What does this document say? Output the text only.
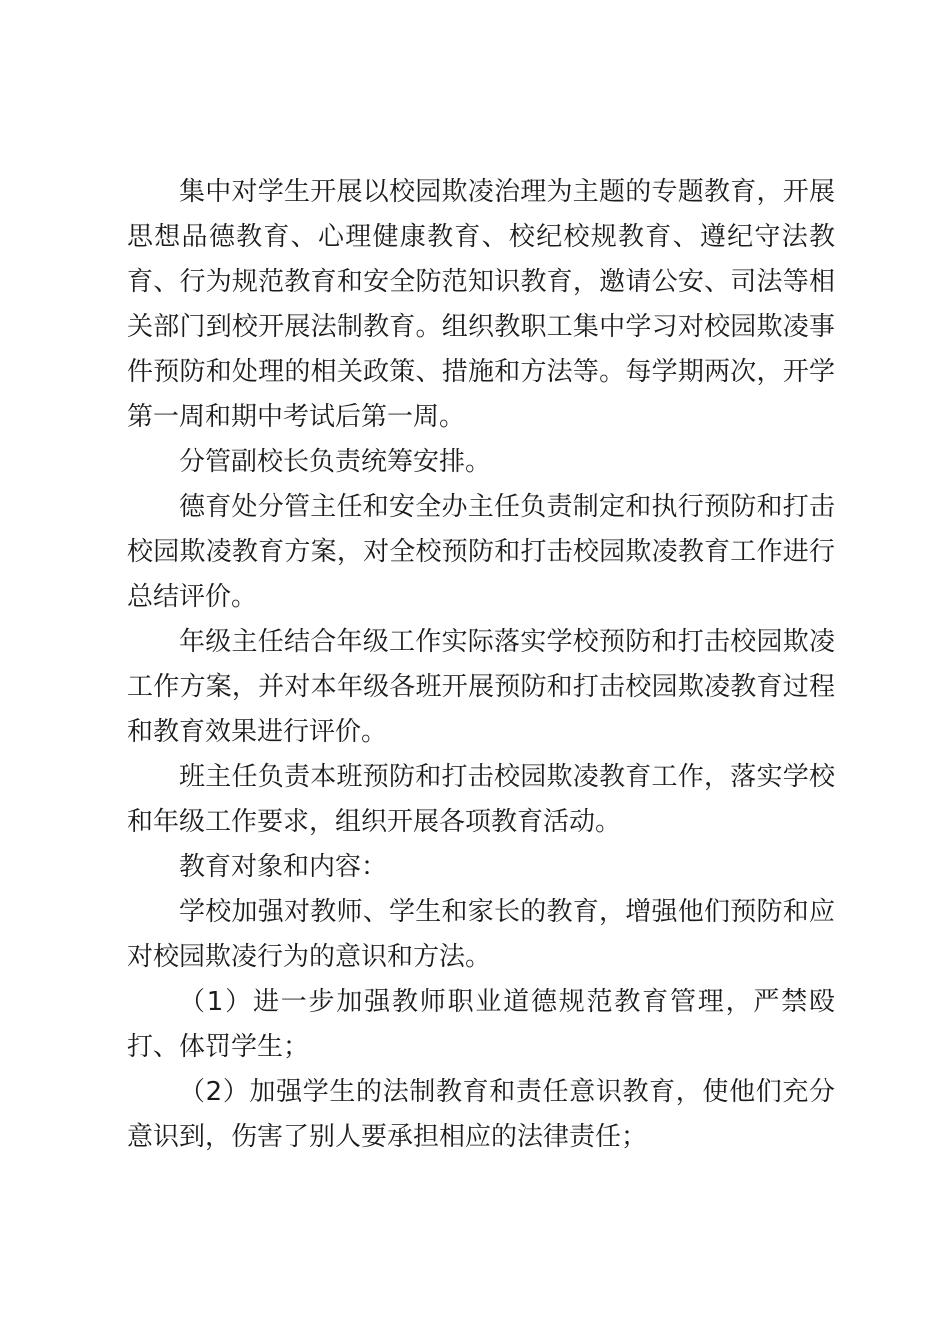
集中对学生开展以校园欺凌治理为主题的专题教育，开展思想品德教育、心理健康教育、校纪校规教育、遵纪守法教育、行为规范教育和安全防范知识教育，邀请公安、司法等相关部门到校开展法制教育。组织教职工集中学习对校园欺凌事件预防和处理的相关政策、措施和方法等。每学期两次，开学第一周和期中考试后第一周。

分管副校长负责统筹安排。

德育处分管主任和安全办主任负责制定和执行预防和打击校园欺凌教育方案，对全校预防和打击校园欺凌教育工作进行总结评价。

年级主任结合年级工作实际落实学校预防和打击校园欺凌工作方案，并对本年级各班开展预防和打击校园欺凌教育过程和教育效果进行评价。

班主任负责本班预防和打击校园欺凌教育工作，落实学校和年级工作要求，组织开展各项教育活动。

教育对象和内容：

学校加强对教师、学生和家长的教育，增强他们预防和应对校园欺凌行为的意识和方法。

（1）进一步加强教师职业道德规范教育管理，严禁殴打、体罚学生；

（2）加强学生的法制教育和责任意识教育，使他们充分意识到，伤害了别人要承担相应的法律责任；
